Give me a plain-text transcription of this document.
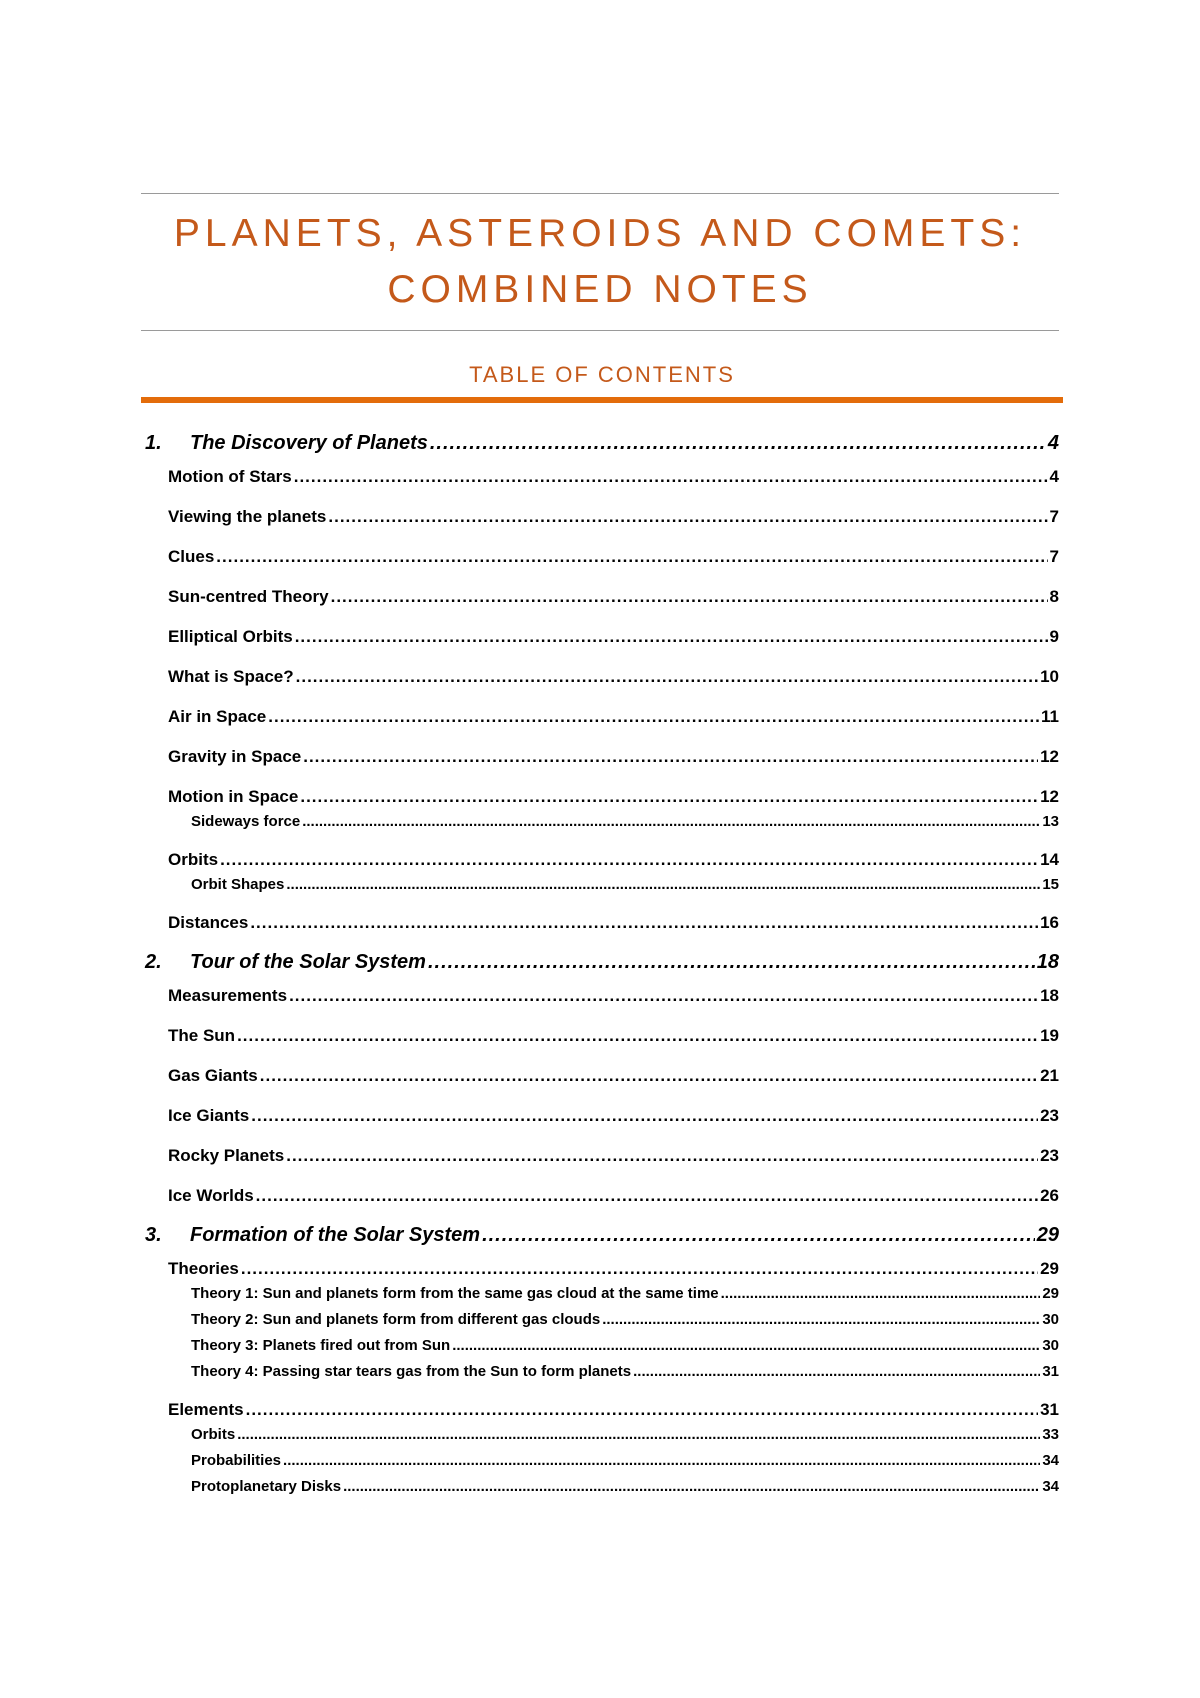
PLANETS, ASTEROIDS AND COMETS:
COMBINED NOTES
TABLE OF CONTENTS
1. The Discovery of Planets .....	4
Motion of Stars .....	4
Viewing the planets .....	7
Clues .....	7
Sun-centred Theory .....	8
Elliptical Orbits .....	9
What is Space? .....	10
Air in Space .....	11
Gravity in Space .....	12
Motion in Space .....	12
Sideways force .....	13
Orbits .....	14
Orbit Shapes .....	15
Distances .....	16
2. Tour of the Solar System .....	18
Measurements .....	18
The Sun .....	19
Gas Giants .....	21
Ice Giants .....	23
Rocky Planets .....	23
Ice Worlds .....	26
3. Formation of the Solar System .....	29
Theories .....	29
Theory 1: Sun and planets form from the same gas cloud at the same time .....	29
Theory 2: Sun and planets form from different gas clouds .....	30
Theory 3: Planets fired out from Sun .....	30
Theory 4: Passing star tears gas from the Sun to form planets .....	31
Elements .....	31
Orbits .....	33
Probabilities .....	34
Protoplanetary Disks .....	34
